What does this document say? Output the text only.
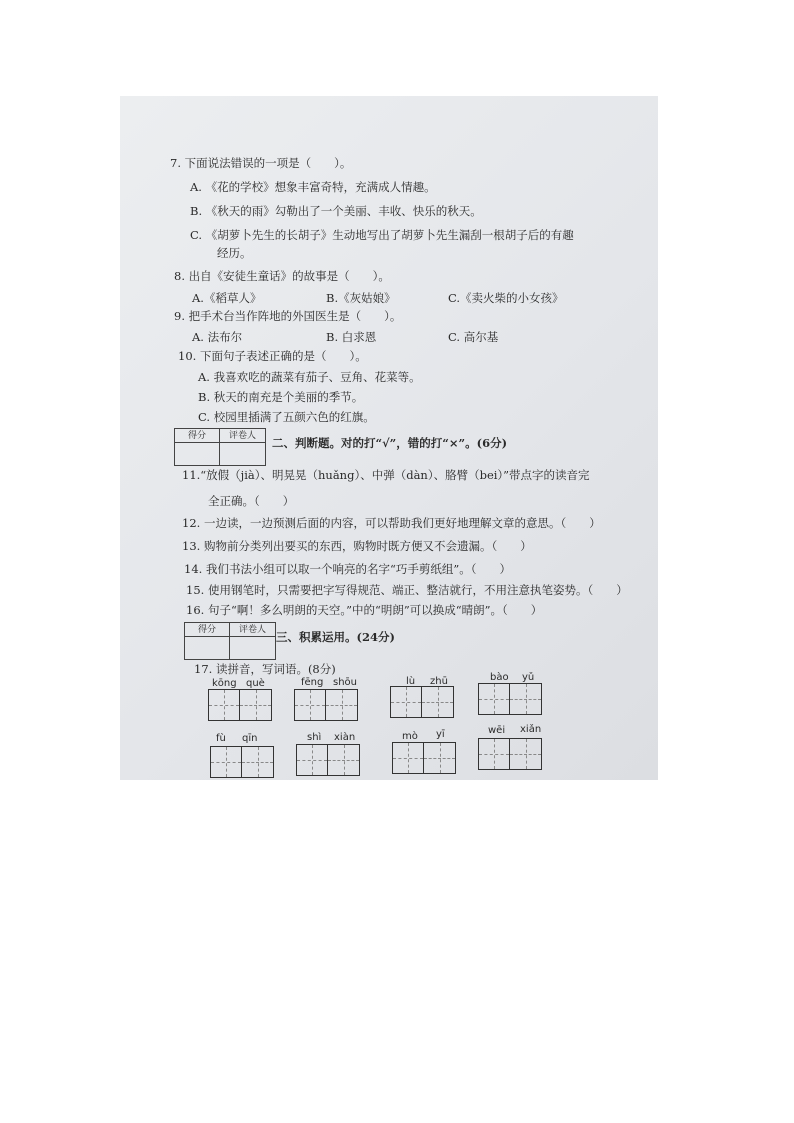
7. 下面说法错误的一项是（　　）。
A. 《花的学校》想象丰富奇特，充满成人情趣。
B. 《秋天的雨》勾勒出了一个美丽、丰收、快乐的秋天。
C. 《胡萝卜先生的长胡子》生动地写出了胡萝卜先生漏刮一根胡子后的有趣
经历。
8. 出自《安徒生童话》的故事是（　　）。
A.《稻草人》	B.《灰姑娘》	C.《卖火柴的小女孩》
9. 把手术台当作阵地的外国医生是（　　）。
A. 法布尔	B. 白求恩	C. 高尔基
10. 下面句子表述正确的是（　　）。
A. 我喜欢吃的蔬菜有茄子、豆角、花菜等。
B. 秋天的南充是个美丽的季节。
C. 校园里插满了五颜六色的红旗。
得分	评卷人	二、判断题。对的打“√”，错的打“×”。(6分)
11.“放假（jià）、明晃晃（huǎng）、中弹（dàn）、胳臂（bei）”带点字的读音完
全正确。（　　）
12. 一边读，一边预测后面的内容，可以帮助我们更好地理解文章的意思。（　　）
13. 购物前分类列出要买的东西，购物时既方便又不会遗漏。（　　）
14. 我们书法小组可以取一个响亮的名字“巧手剪纸组”。（　　）
15. 使用钢笔时，只需要把字写得规范、端正、整洁就行，不用注意执笔姿势。（　　）
16. 句子“啊！多么明朗的天空。”中的“明朗”可以换成“晴朗”。（　　）
得分	评卷人 三、积累运用。(24分)
17. 读拼音，写词语。(8分)
kōng què	fēng shōu	lù zhū	bào yǔ
fù qīn	shì xiàn	mò yī	wēi xiǎn
